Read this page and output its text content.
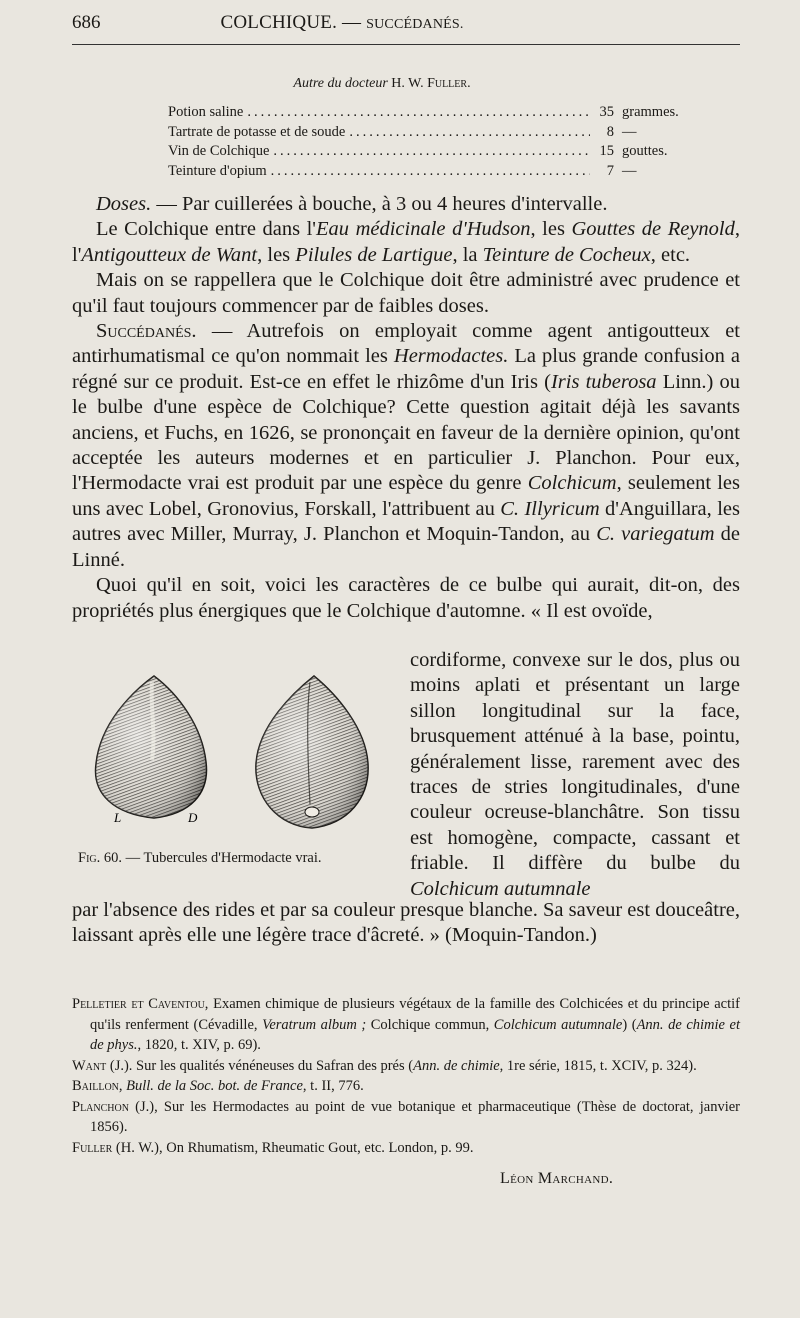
686	COLCHIQUE. — SUCCÉDANÉS.
Autre du docteur H. W. Fuller.
Potion saline .....	35 grammes.
Tartrate de potasse et de soude .....	8 —
Vin de Colchique .....	15 gouttes.
Teinture d'opium .....	7 —

Doses. — Par cuillerées à bouche, à 3 ou 4 heures d'intervalle.

Le Colchique entre dans l'Eau médicinale d'Hudson, les Gouttes de Reynold, l'Antigoutteux de Want, les Pilules de Lartigue, la Teinture de Cocheux, etc.

Mais on se rappellera que le Colchique doit être administré avec prudence et qu'il faut toujours commencer par de faibles doses.

Succédanés. — Autrefois on employait comme agent antigoutteux et antirhumatismal ce qu'on nommait les Hermodactes. La plus grande confusion a régné sur ce produit. Est-ce en effet le rhizôme d'un Iris (Iris tuberosa Linn.) ou le bulbe d'une espèce de Colchique? Cette question agitait déjà les savants anciens, et Fuchs, en 1626, se prononçait en faveur de la dernière opinion, qu'ont acceptée les auteurs modernes et en particulier J. Planchon. Pour eux, l'Hermodacte vrai est produit par une espèce du genre Colchicum, seulement les uns avec Lobel, Gronovius, Forskall, l'attribuent au C. Illyricum d'Anguillara, les autres avec Miller, Murray, J. Planchon et Moquin-Tandon, au C. variegatum de Linné.

Quoi qu'il en soit, voici les caractères de ce bulbe qui aurait, dit-on, des propriétés plus énergiques que le Colchique d'automne. « Il est ovoïde,

L	D
Fig. 60. — Tubercules d'Hermodacte vrai.

cordiforme, convexe sur le dos, plus ou moins aplati et présentant un large sillon longitudinal sur la face, brusquement atténué à la base, pointu, généralement lisse, rarement avec des traces de stries longitudinales, d'une couleur ocreuse-blanchâtre. Son tissu est homogène, compacte, cassant et friable. Il diffère du bulbe du Colchicum autumnale

par l'absence des rides et par sa couleur presque blanche. Sa saveur est douceâtre, laissant après elle une légère trace d'âcreté. » (Moquin-Tandon.)

Pelletier et Caventou, Examen chimique de plusieurs végétaux de la famille des Colchicées et du principe actif qu'ils renferment (Cévadille, Veratrum album ; Colchique commun, Colchicum autumnale) (Ann. de chimie et de phys., 1820, t. XIV, p. 69).

Want (J.). Sur les qualités vénéneuses du Safran des prés (Ann. de chimie, 1re série, 1815, t. XCIV, p. 324).

Baillon, Bull. de la Soc. bot. de France, t. II, 776.

Planchon (J.), Sur les Hermodactes au point de vue botanique et pharmaceutique (Thèse de doctorat, janvier 1856).

Fuller (H. W.), On Rhumatism, Rheumatic Gout, etc. London, p. 99.

Léon Marchand.
